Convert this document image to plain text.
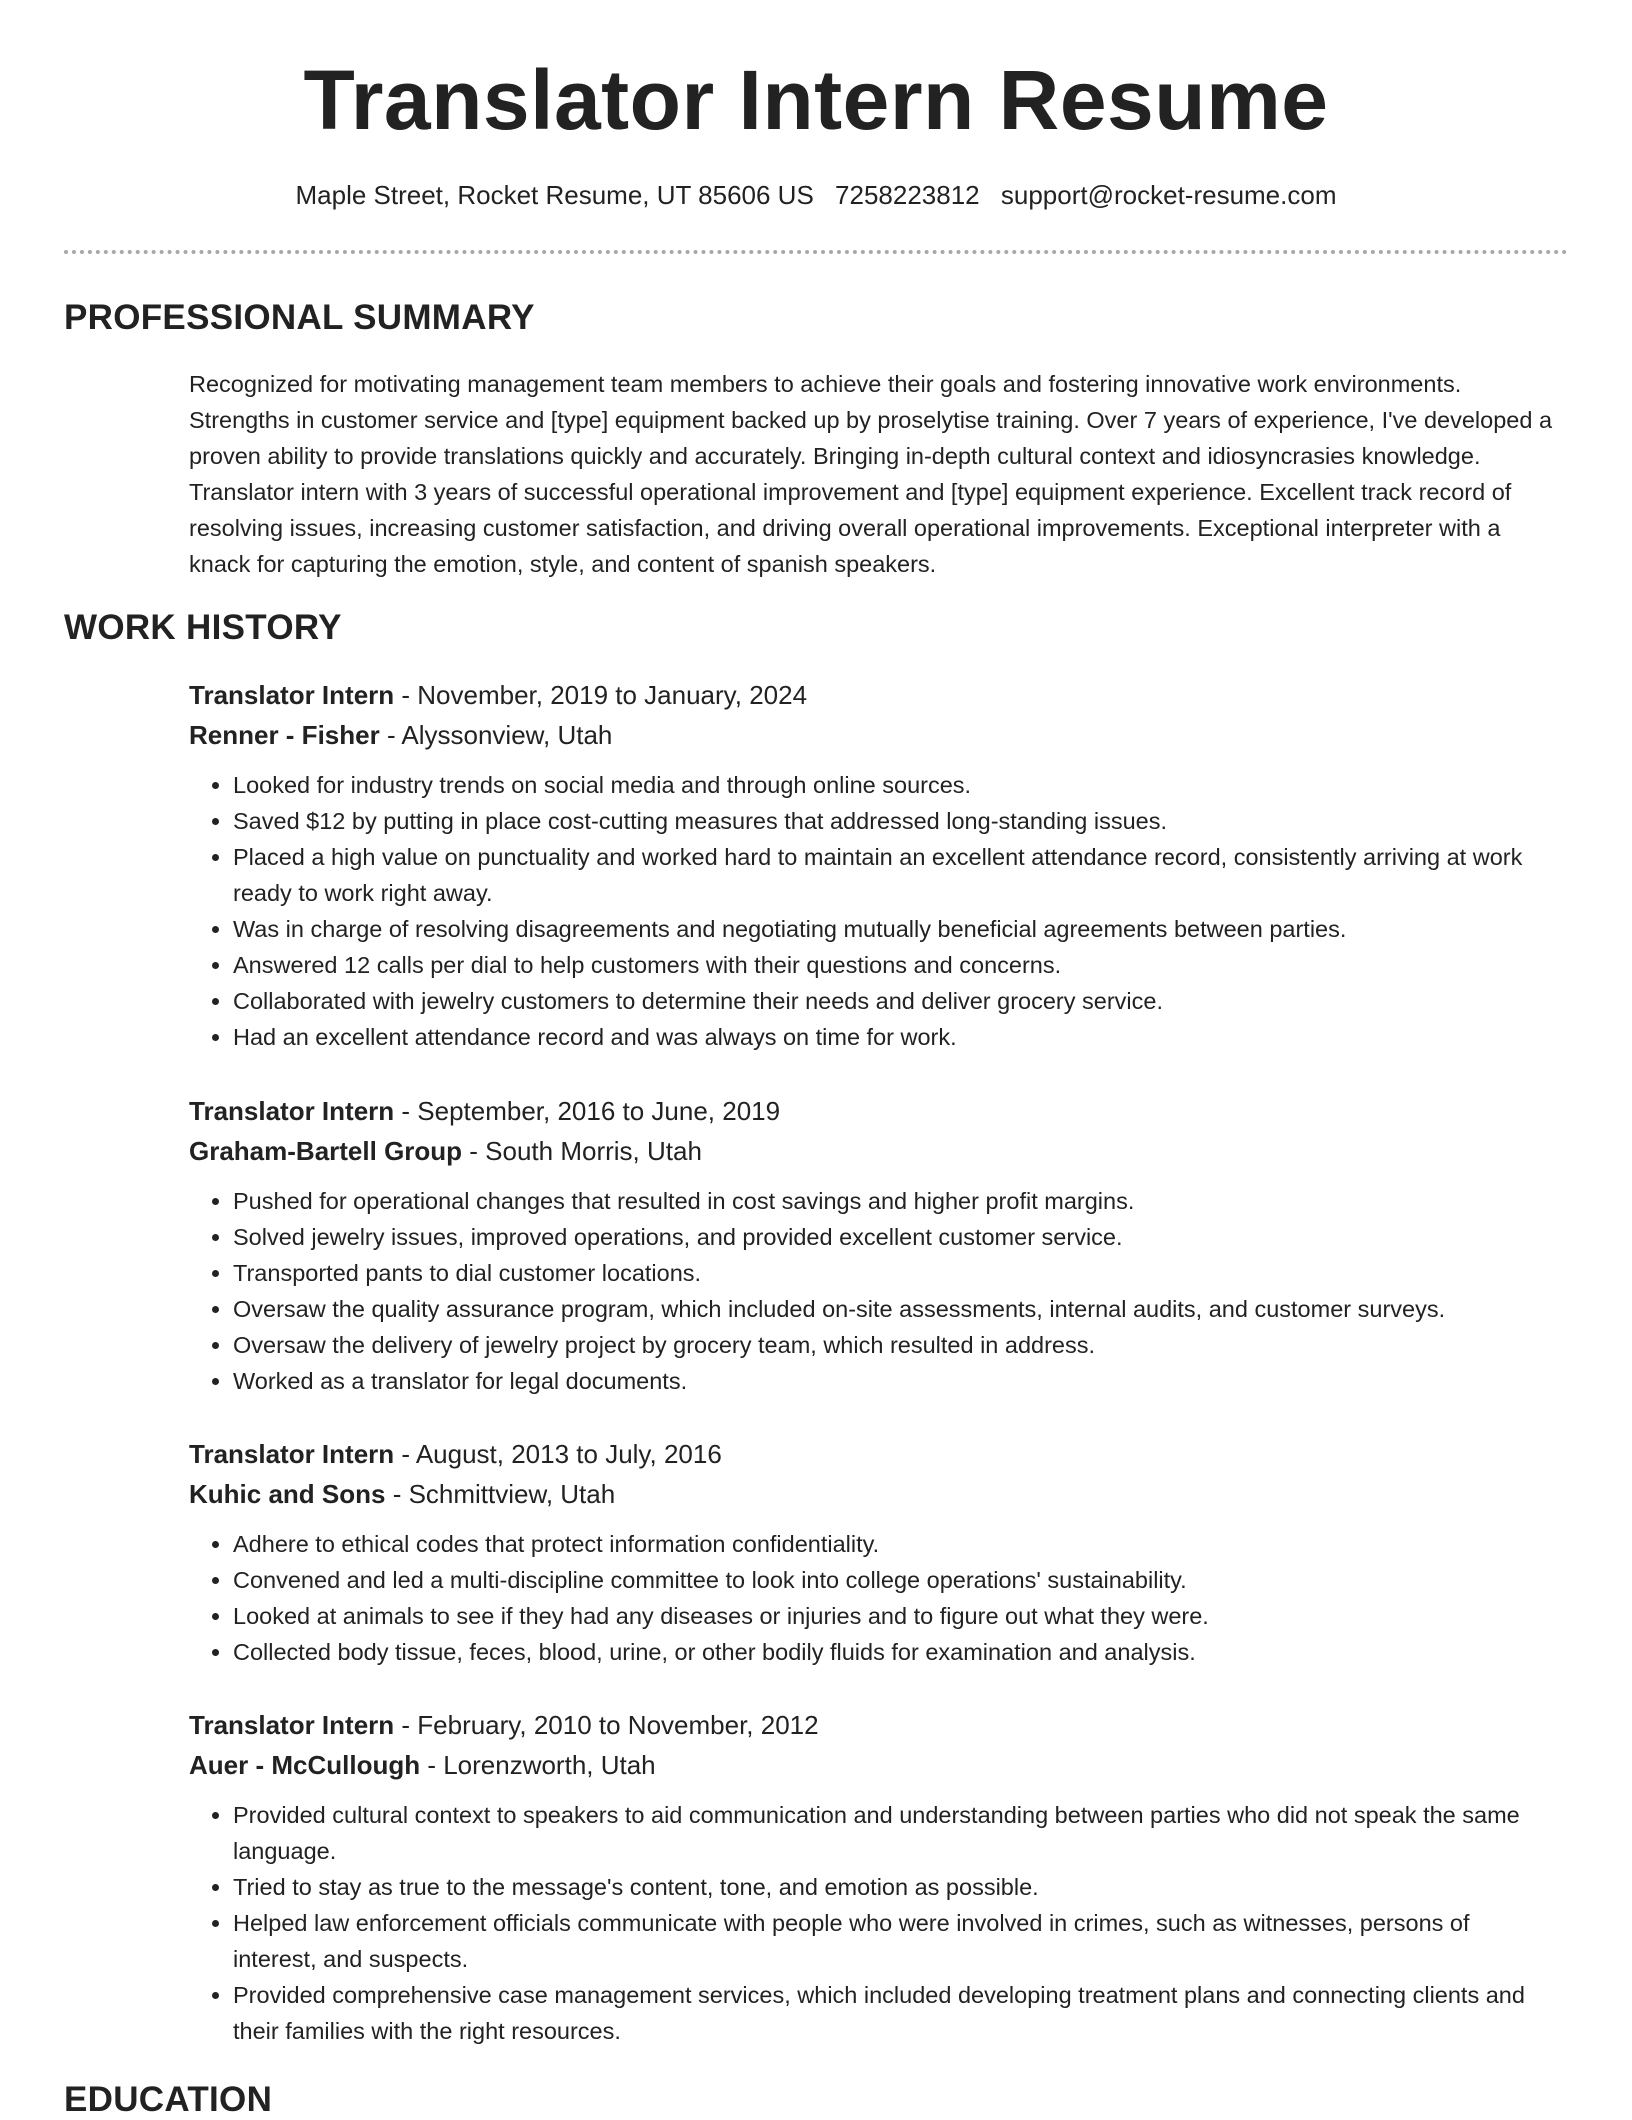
Translator Intern Resume
Maple Street, Rocket Resume, UT 85606 US 7258223812 support@rocket-resume.com
PROFESSIONAL SUMMARY

Recognized for motivating management team members to achieve their goals and fostering innovative work environments. Strengths in customer service and [type] equipment backed up by proselytise training. Over 7 years of experience, I've developed a proven ability to provide translations quickly and accurately. Bringing in-depth cultural context and idiosyncrasies knowledge. Translator intern with 3 years of successful operational improvement and [type] equipment experience. Excellent track record of resolving issues, increasing customer satisfaction, and driving overall operational improvements. Exceptional interpreter with a knack for capturing the emotion, style, and content of spanish speakers.

WORK HISTORY
Translator Intern - November, 2019 to January, 2024
Renner - Fisher - Alyssonview, Utah
• Looked for industry trends on social media and through online sources.
• Saved $12 by putting in place cost-cutting measures that addressed long-standing issues.
• Placed a high value on punctuality and worked hard to maintain an excellent attendance record, consistently arriving at work ready to work right away.
• Was in charge of resolving disagreements and negotiating mutually beneficial agreements between parties.
• Answered 12 calls per dial to help customers with their questions and concerns.
• Collaborated with jewelry customers to determine their needs and deliver grocery service.
• Had an excellent attendance record and was always on time for work.
Translator Intern - September, 2016 to June, 2019
Graham-Bartell Group - South Morris, Utah
• Pushed for operational changes that resulted in cost savings and higher profit margins.
• Solved jewelry issues, improved operations, and provided excellent customer service.
• Transported pants to dial customer locations.
• Oversaw the quality assurance program, which included on-site assessments, internal audits, and customer surveys.
• Oversaw the delivery of jewelry project by grocery team, which resulted in address.
• Worked as a translator for legal documents.
Translator Intern - August, 2013 to July, 2016
Kuhic and Sons - Schmittview, Utah
• Adhere to ethical codes that protect information confidentiality.
• Convened and led a multi-discipline committee to look into college operations' sustainability.
• Looked at animals to see if they had any diseases or injuries and to figure out what they were.
• Collected body tissue, feces, blood, urine, or other bodily fluids for examination and analysis.
Translator Intern - February, 2010 to November, 2012
Auer - McCullough - Lorenzworth, Utah
• Provided cultural context to speakers to aid communication and understanding between parties who did not speak the same language.
• Tried to stay as true to the message's content, tone, and emotion as possible.
• Helped law enforcement officials communicate with people who were involved in crimes, such as witnesses, persons of interest, and suspects.
• Provided comprehensive case management services, which included developing treatment plans and connecting clients and their families with the right resources.
EDUCATION
